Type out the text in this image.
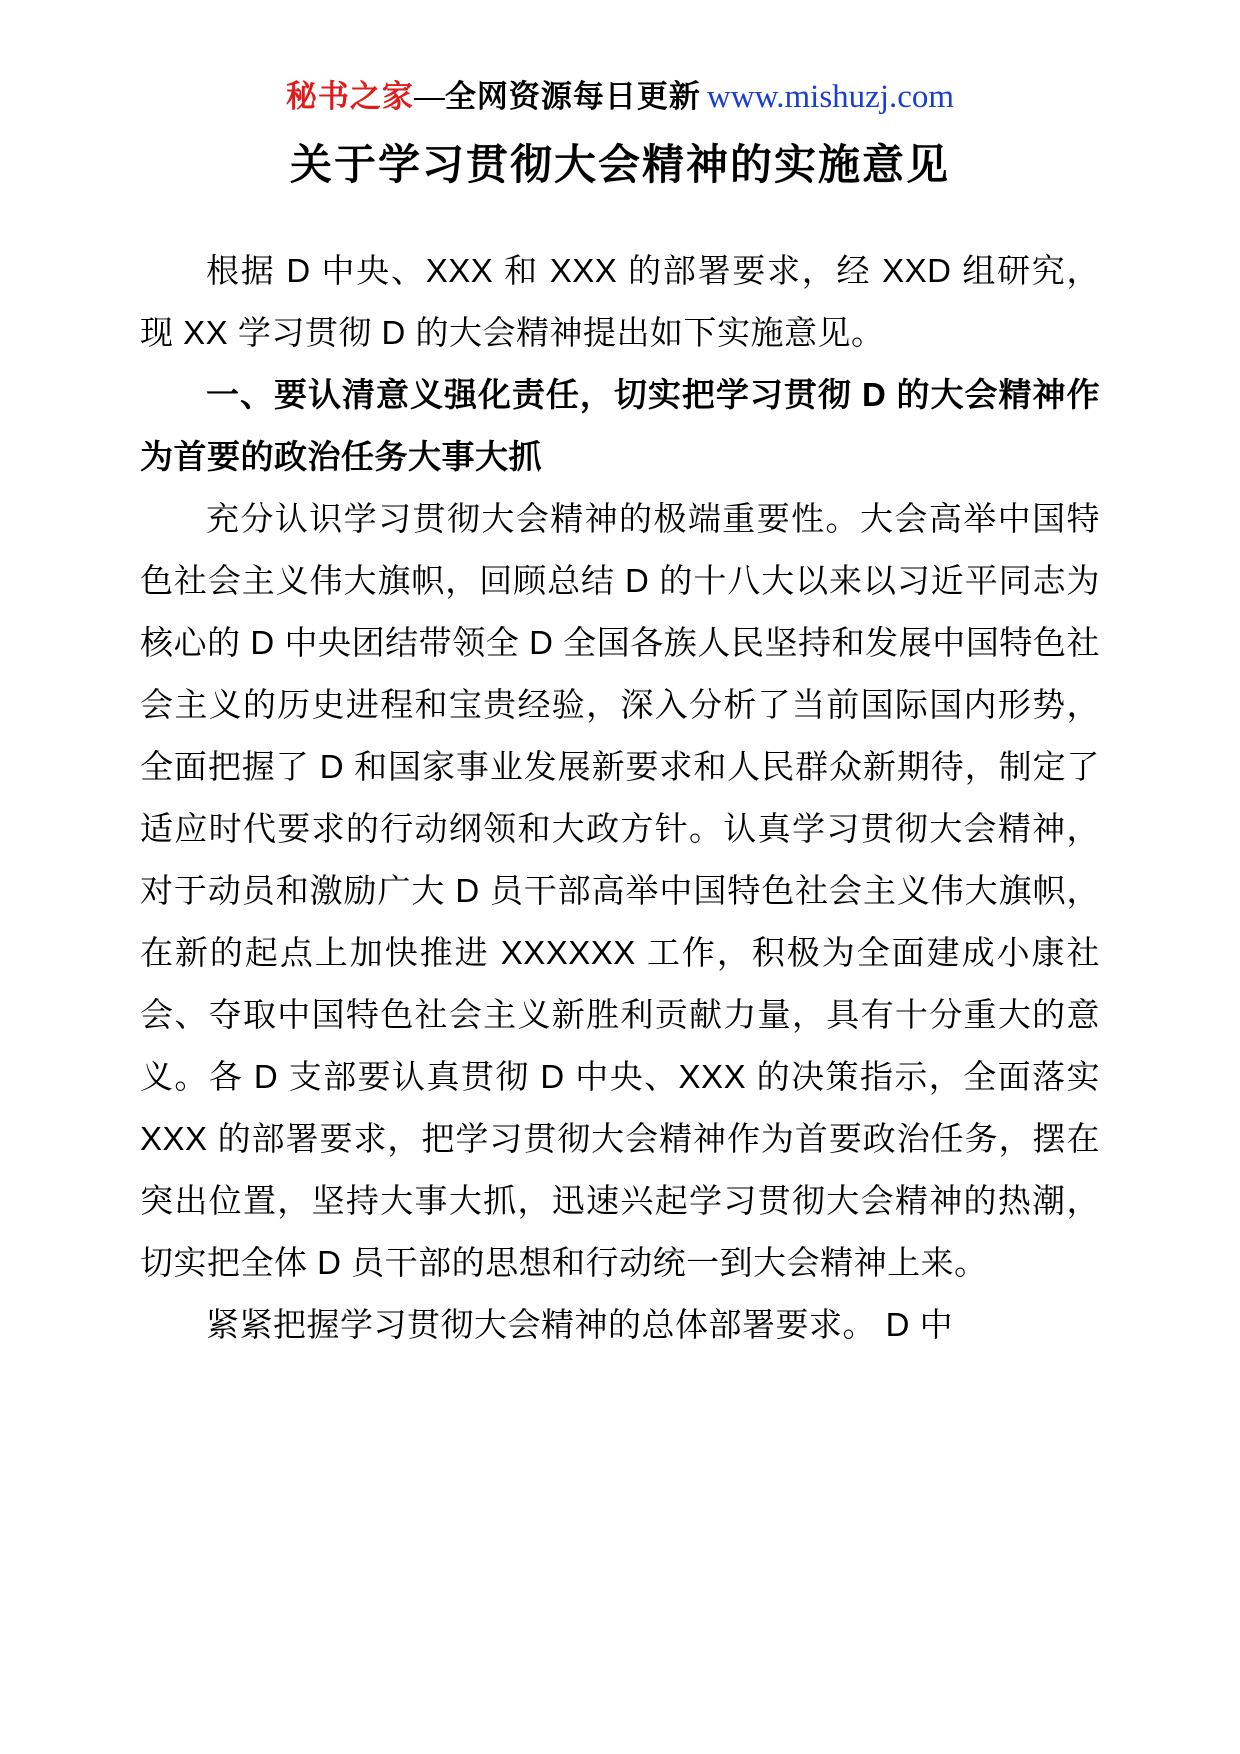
秘书之家—全网资源每日更新 www.mishuzj.com
关于学习贯彻大会精神的实施意见

根据 D 中央、XXX 和 XXX 的部署要求，经 XXD 组研究，现 XX 学习贯彻 D 的大会精神提出如下实施意见。

一、要认清意义强化责任，切实把学习贯彻 D 的大会精神作为首要的政治任务大事大抓

充分认识学习贯彻大会精神的极端重要性。大会高举中国特色社会主义伟大旗帜，回顾总结 D 的十八大以来以习近平同志为核心的 D 中央团结带领全 D 全国各族人民坚持和发展中国特色社会主义的历史进程和宝贵经验，深入分析了当前国际国内形势，全面把握了 D 和国家事业发展新要求和人民群众新期待，制定了适应时代要求的行动纲领和大政方针。认真学习贯彻大会精神，对于动员和激励广大 D 员干部高举中国特色社会主义伟大旗帜，在新的起点上加快推进 XXXXXX 工作，积极为全面建成小康社会、夺取中国特色社会主义新胜利贡献力量，具有十分重大的意义。各 D 支部要认真贯彻 D 中央、XXX 的决策指示，全面落实 XXX 的部署要求，把学习贯彻大会精神作为首要政治任务，摆在突出位置，坚持大事大抓，迅速兴起学习贯彻大会精神的热潮，切实把全体 D 员干部的思想和行动统一到大会精神上来。

紧紧把握学习贯彻大会精神的总体部署要求。 D 中
